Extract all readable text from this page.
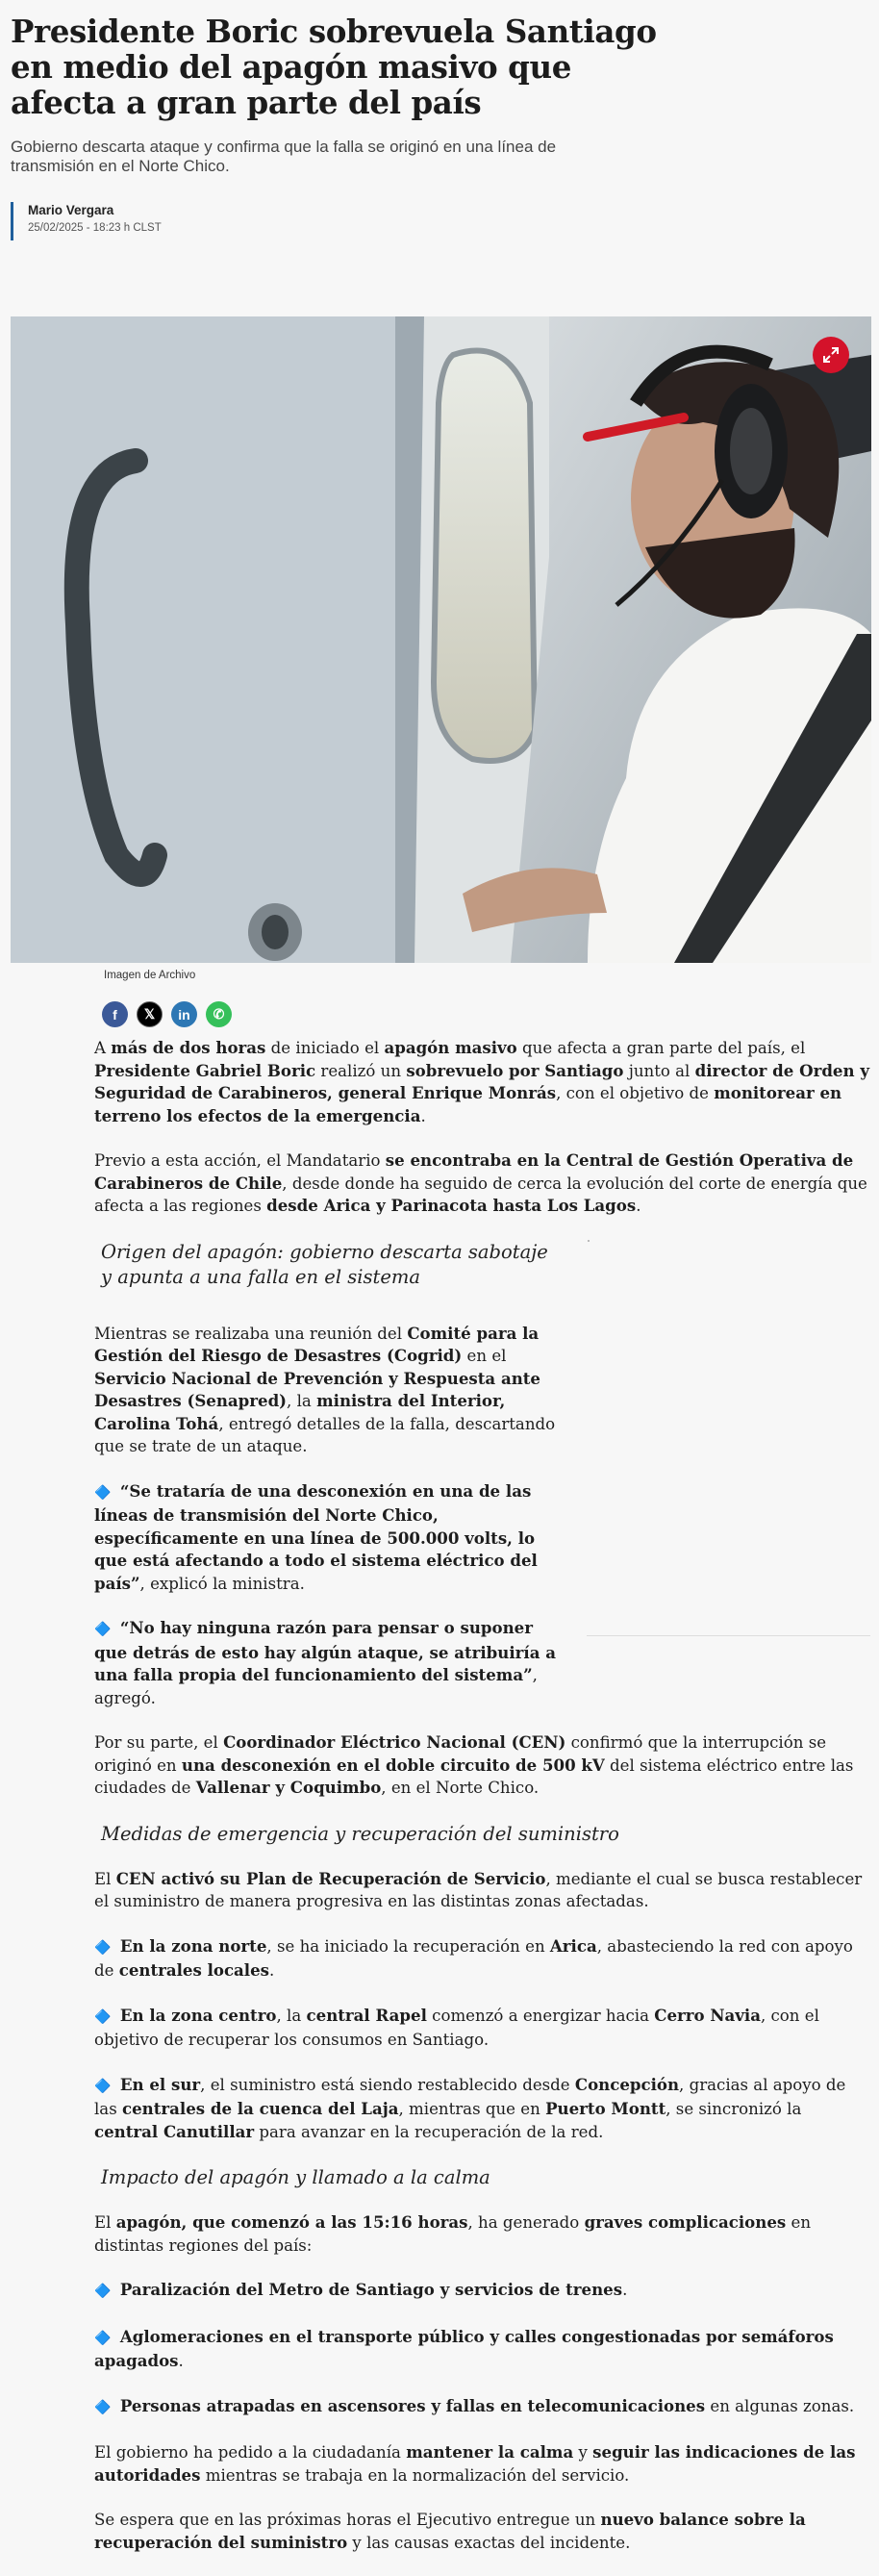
Presidente Boric sobrevuela Santiago en medio del apagón masivo que afecta a gran parte del país

Gobierno descarta ataque y confirma que la falla se originó en una línea de transmisión en el Norte Chico.

Mario Vergara
25/02/2025 - 18:23 h CLST
Imagen de Archivo
f	𝕏	in	✆

A más de dos horas de iniciado el apagón masivo que afecta a gran parte del país, el Presidente Gabriel Boric realizó un sobrevuelo por Santiago junto al director de Orden y Seguridad de Carabineros, general Enrique Monrás, con el objetivo de monitorear en terreno los efectos de la emergencia.

Previo a esta acción, el Mandatario se encontraba en la Central de Gestión Operativa de Carabineros de Chile, desde donde ha seguido de cerca la evolución del corte de energía que afecta a las regiones desde Arica y Parinacota hasta Los Lagos.

Origen del apagón: gobierno descarta sabotaje y apunta a una falla en el sistema

Mientras se realizaba una reunión del Comité para la Gestión del Riesgo de Desastres (Cogrid) en el Servicio Nacional de Prevención y Respuesta ante Desastres (Senapred), la ministra del Interior, Carolina Tohá, entregó detalles de la falla, descartando que se trate de un ataque.

🔷 “Se trataría de una desconexión en una de las líneas de transmisión del Norte Chico, específicamente en una línea de 500.000 volts, lo que está afectando a todo el sistema eléctrico del país”, explicó la ministra.

🔷 “No hay ninguna razón para pensar o suponer que detrás de esto hay algún ataque, se atribuiría a una falla propia del funcionamiento del sistema”, agregó.

Por su parte, el Coordinador Eléctrico Nacional (CEN) confirmó que la interrupción se originó en una desconexión en el doble circuito de 500 kV del sistema eléctrico entre las ciudades de Vallenar y Coquimbo, en el Norte Chico.

Medidas de emergencia y recuperación del suministro

El CEN activó su Plan de Recuperación de Servicio, mediante el cual se busca restablecer el suministro de manera progresiva en las distintas zonas afectadas.

🔷 En la zona norte, se ha iniciado la recuperación en Arica, abasteciendo la red con apoyo de centrales locales.

🔷 En la zona centro, la central Rapel comenzó a energizar hacia Cerro Navia, con el objetivo de recuperar los consumos en Santiago.

🔷 En el sur, el suministro está siendo restablecido desde Concepción, gracias al apoyo de las centrales de la cuenca del Laja, mientras que en Puerto Montt, se sincronizó la central Canutillar para avanzar en la recuperación de la red.

Impacto del apagón y llamado a la calma

El apagón, que comenzó a las 15:16 horas, ha generado graves complicaciones en distintas regiones del país:

🔷 Paralización del Metro de Santiago y servicios de trenes.

🔷 Aglomeraciones en el transporte público y calles congestionadas por semáforos apagados.

🔷 Personas atrapadas en ascensores y fallas en telecomunicaciones en algunas zonas.

El gobierno ha pedido a la ciudadanía mantener la calma y seguir las indicaciones de las autoridades mientras se trabaja en la normalización del servicio.

Se espera que en las próximas horas el Ejecutivo entregue un nuevo balance sobre la recuperación del suministro y las causas exactas del incidente.
